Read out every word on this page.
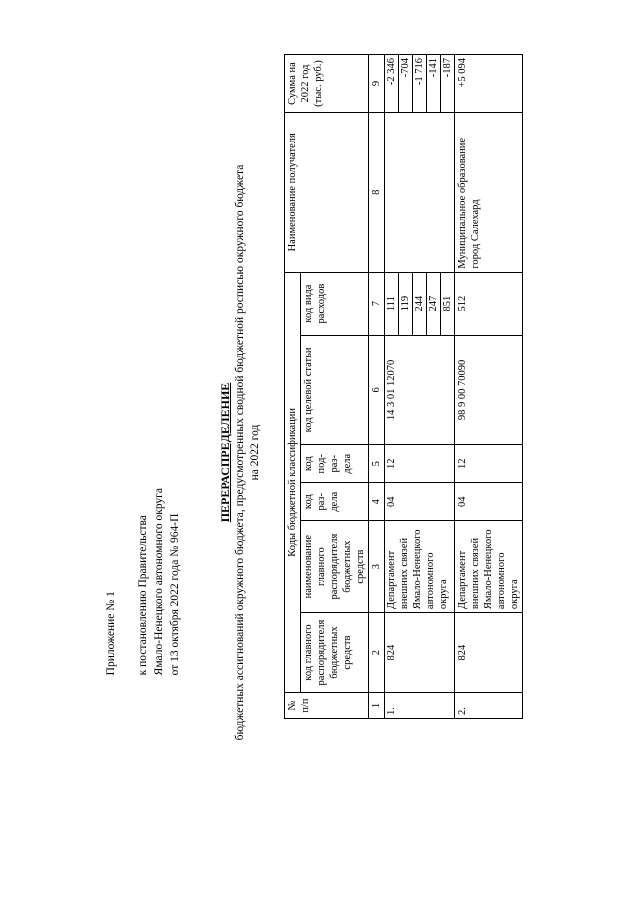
Приложение № 1 к постановлению Правительства Ямало-Ненецкого автономного округа от 13 октября 2022 года № 964-П
ПЕРЕРАСПРЕДЕЛЕНИЕ бюджетных ассигнований окружного бюджета, предусмотренных сводной бюджетной росписью окружного бюджета на 2022 год
№ п/п	Коды бюджетной классификации						Наименование получателя	Сумма на 2022 год (тыс. руб.)
	код главного распорядителя бюджетных средств	наименование главного распорядителя бюджетных средств	код раз-дела	код под-раз-дела	код целевой статьи	код вида расходов		
1	2	3	4	5	6	7	8	9
1.	824	Департамент внешних связей Ямало-Ненецкого автономного округа	04	12	14 3 01 12070	111		-2 346
						119		-704
						244		-1 716
						247		-141
						851		-187
2.	824	Департамент внешних связей Ямало-Ненецкого автономного округа	04	12	98 9 00 70090	512	Муниципальное образование город Салехард	+5 094
